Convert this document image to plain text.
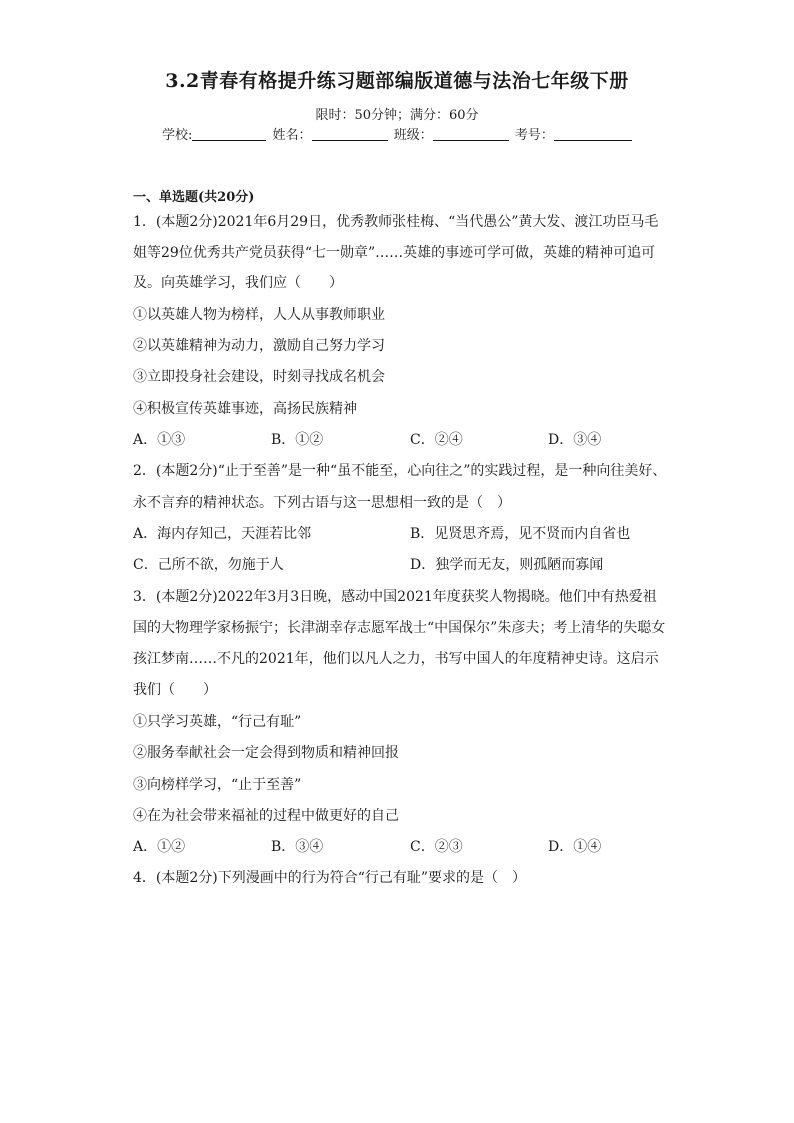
3.2青春有格提升练习题部编版道德与法治七年级下册
限时：50分钟；满分：60分
学校:	姓名：	班级：	考号：
一、单选题(共20分)
1．(本题2分)2021年6月29日，优秀教师张桂梅、“当代愚公”黄大发、渡江功臣马毛
姐等29位优秀共产党员获得“七一勋章”……英雄的事迹可学可做，英雄的精神可追可
及。向英雄学习，我们应（　　）
①以英雄人物为榜样，人人从事教师职业
②以英雄精神为动力，激励自己努力学习
③立即投身社会建设，时刻寻找成名机会
④积极宣传英雄事迹，高扬民族精神
A．①③	B．①②	C．②④	D．③④
2．(本题2分)“止于至善”是一种“虽不能至，心向往之”的实践过程，是一种向往美好、
永不言弃的精神状态。下列古语与这一思想相一致的是（　）
A．海内存知己，天涯若比邻	B．见贤思齐焉，见不贤而内自省也
C．己所不欲，勿施于人	D．独学而无友，则孤陋而寡闻
3．(本题2分)2022年3月3日晚，感动中国2021年度获奖人物揭晓。他们中有热爱祖
国的大物理学家杨振宁；长津湖幸存志愿军战士“中国保尔”朱彦夫；考上清华的失聪女
孩江梦南……不凡的2021年，他们以凡人之力，书写中国人的年度精神史诗。这启示
我们（　　）
①只学习英雄，“行己有耻”
②服务奉献社会一定会得到物质和精神回报
③向榜样学习，“止于至善”
④在为社会带来福祉的过程中做更好的自己
A．①②	B．③④	C．②③	D．①④
4．(本题2分)下列漫画中的行为符合“行己有耻”要求的是（　）
